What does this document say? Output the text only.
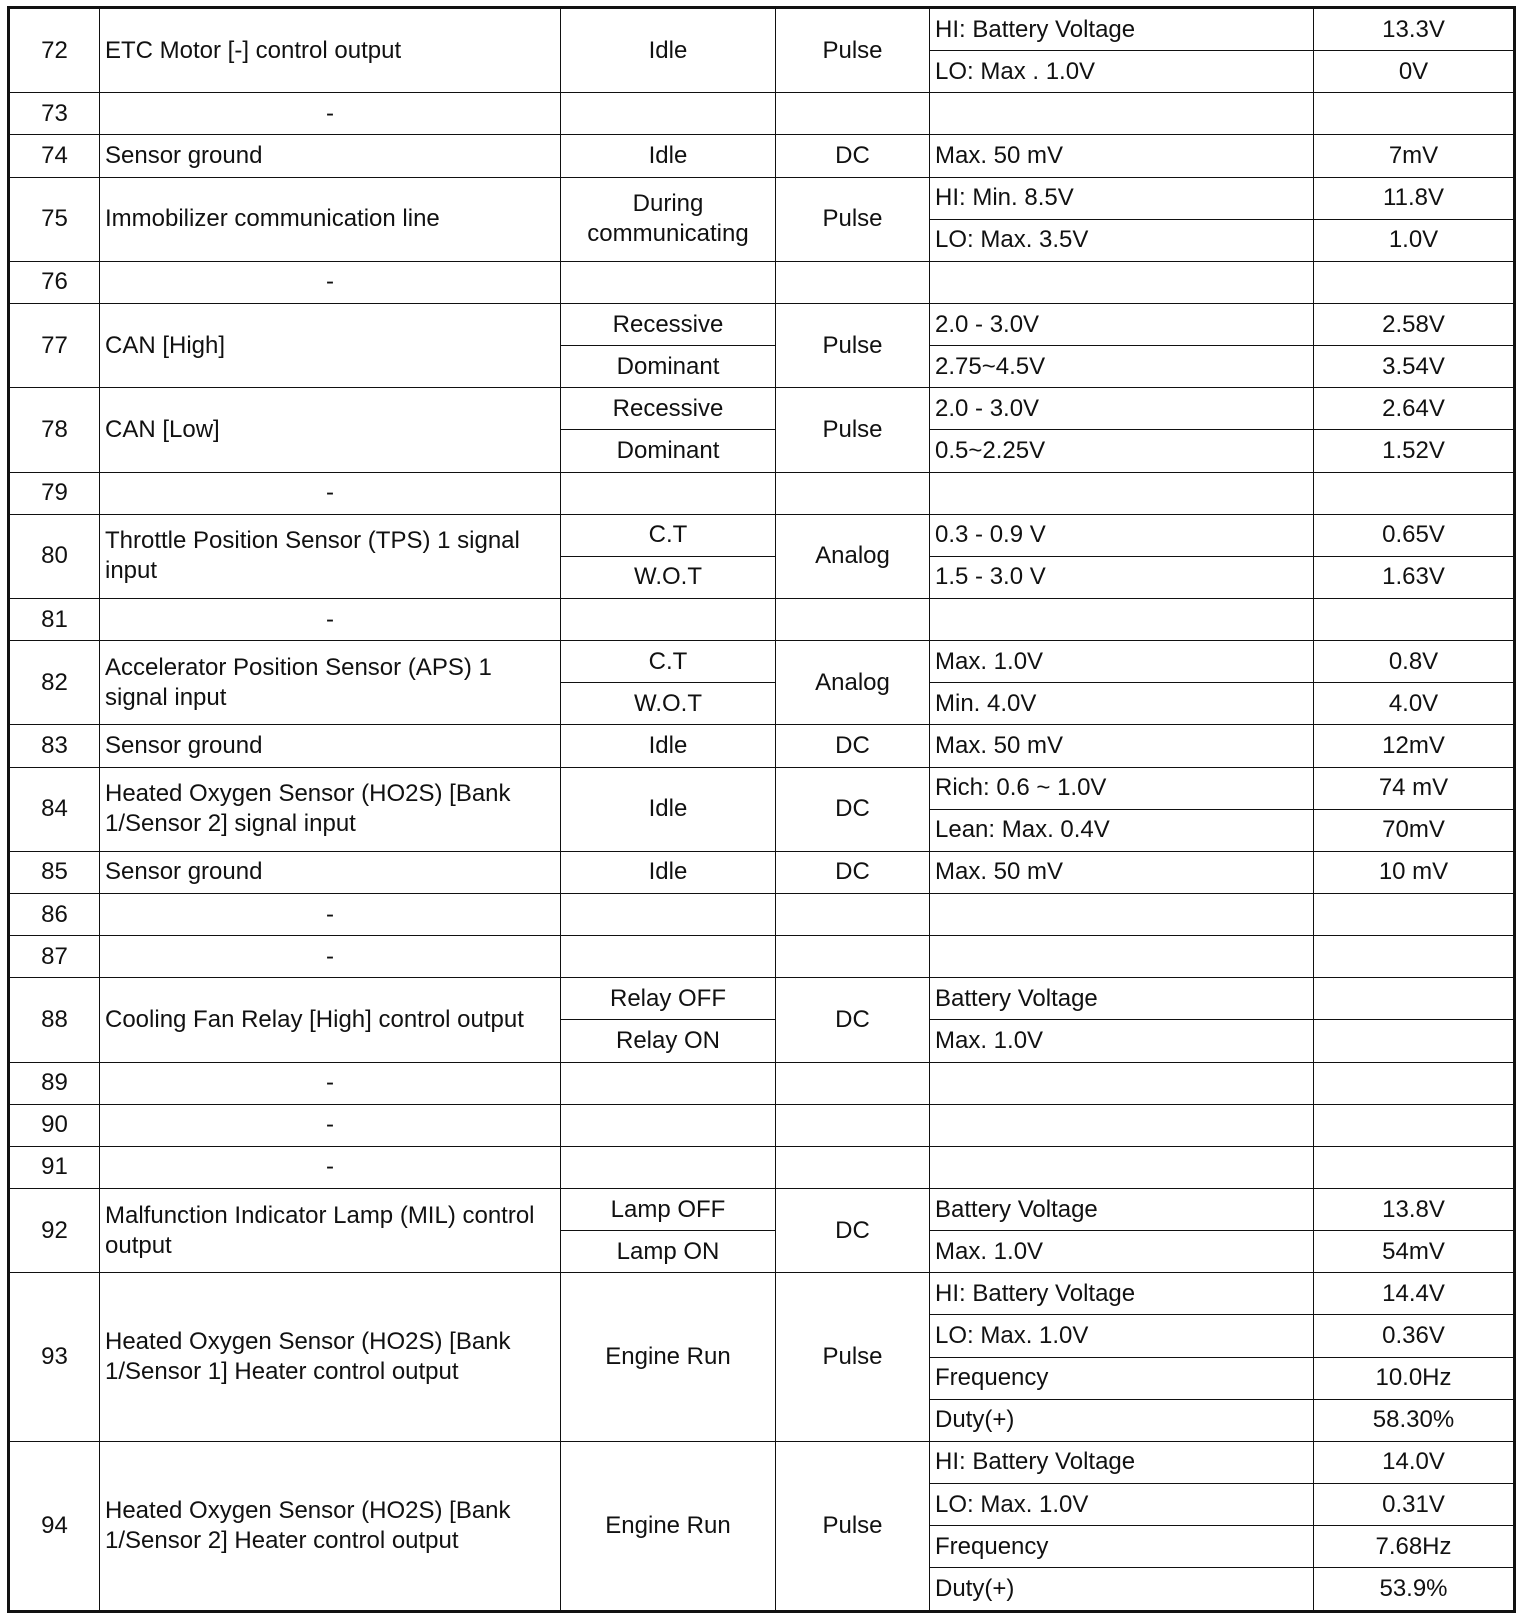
72	ETC Motor [-] control output	Idle	Pulse	HI: Battery Voltage	13.3V
				LO: Max . 1.0V	0V
73	-				
74	Sensor ground	Idle	DC	Max. 50 mV	7mV
75	Immobilizer communication line	During communicating	Pulse	HI: Min. 8.5V	11.8V
				LO: Max. 3.5V	1.0V
76	-				
77	CAN [High]	Recessive	Pulse	2.0 - 3.0V	2.58V
		Dominant		2.75~4.5V	3.54V
78	CAN [Low]	Recessive	Pulse	2.0 - 3.0V	2.64V
		Dominant		0.5~2.25V	1.52V
79	-				
80	Throttle Position Sensor (TPS) 1 signal input	C.T	Analog	0.3 - 0.9 V	0.65V
		W.O.T		1.5 - 3.0 V	1.63V
81	-				
82	Accelerator Position Sensor (APS) 1 signal input	C.T	Analog	Max. 1.0V	0.8V
		W.O.T		Min. 4.0V	4.0V
83	Sensor ground	Idle	DC	Max. 50 mV	12mV
84	Heated Oxygen Sensor (HO2S) [Bank 1/Sensor 2] signal input	Idle	DC	Rich: 0.6 ~ 1.0V	74 mV
				Lean: Max. 0.4V	70mV
85	Sensor ground	Idle	DC	Max. 50 mV	10 mV
86	-				
87	-				
88	Cooling Fan Relay [High] control output	Relay OFF	DC	Battery Voltage	
		Relay ON		Max. 1.0V	
89	-				
90	-				
91	-				
92	Malfunction Indicator Lamp (MIL) control output	Lamp OFF	DC	Battery Voltage	13.8V
		Lamp ON		Max. 1.0V	54mV
93	Heated Oxygen Sensor (HO2S) [Bank 1/Sensor 1] Heater control output	Engine Run	Pulse	HI: Battery Voltage	14.4V
				LO: Max. 1.0V	0.36V
				Frequency	10.0Hz
				Duty(+)	58.30%
94	Heated Oxygen Sensor (HO2S) [Bank 1/Sensor 2] Heater control output	Engine Run	Pulse	HI: Battery Voltage	14.0V
				LO: Max. 1.0V	0.31V
				Frequency	7.68Hz
				Duty(+)	53.9%
